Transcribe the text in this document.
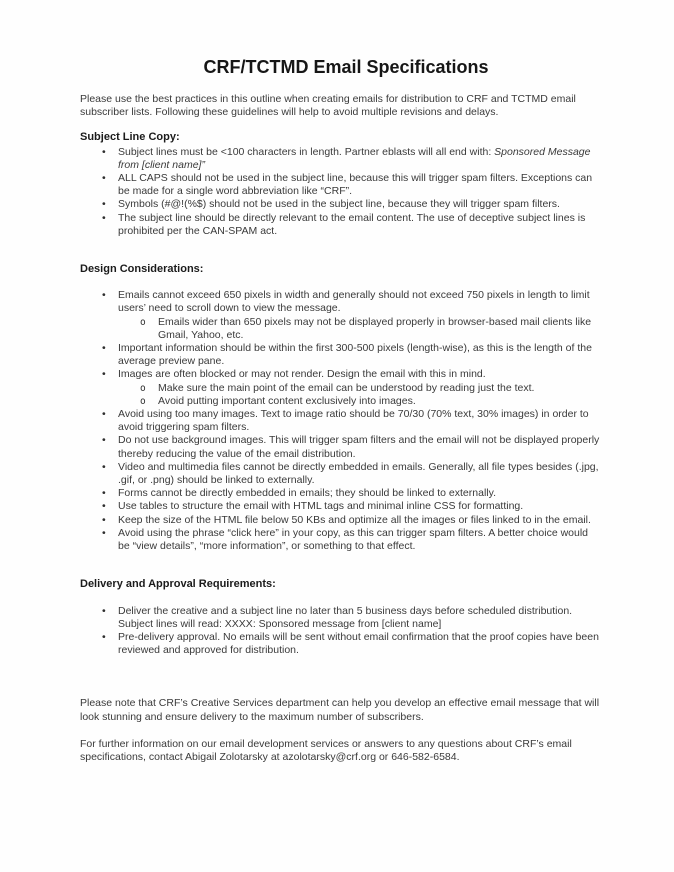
CRF/TCTMD Email Specifications

Please use the best practices in this outline when creating emails for distribution to CRF and TCTMD email subscriber lists. Following these guidelines will help to avoid multiple revisions and delays.

Subject Line Copy:
•	Subject lines must be <100 characters in length. Partner eblasts will all end with: Sponsored Message from [client name]”
•	ALL CAPS should not be used in the subject line, because this will trigger spam filters. Exceptions can be made for a single word abbreviation like “CRF”.
•	Symbols (#@!(%$) should not be used in the subject line, because they will trigger spam filters.
•	The subject line should be directly relevant to the email content. The use of deceptive subject lines is prohibited per the CAN-SPAM act.
Design Considerations:
•	Emails cannot exceed 650 pixels in width and generally should not exceed 750 pixels in length to limit users’ need to scroll down to view the message.
o	Emails wider than 650 pixels may not be displayed properly in browser-based mail clients like Gmail, Yahoo, etc.
•	Important information should be within the first 300-500 pixels (length-wise), as this is the length of the average preview pane.
•	Images are often blocked or may not render. Design the email with this in mind.
o	Make sure the main point of the email can be understood by reading just the text.
o	Avoid putting important content exclusively into images.
•	Avoid using too many images. Text to image ratio should be 70/30 (70% text, 30% images) in order to avoid triggering spam filters.
•	Do not use background images. This will trigger spam filters and the email will not be displayed properly thereby reducing the value of the email distribution.
•	Video and multimedia files cannot be directly embedded in emails. Generally, all file types besides (.jpg, .gif, or .png) should be linked to externally.
•	Forms cannot be directly embedded in emails; they should be linked to externally.
•	Use tables to structure the email with HTML tags and minimal inline CSS for formatting.
•	Keep the size of the HTML file below 50 KBs and optimize all the images or files linked to in the email.
•	Avoid using the phrase “click here” in your copy, as this can trigger spam filters. A better choice would be “view details”, “more information”, or something to that effect.
Delivery and Approval Requirements:
•	Deliver the creative and a subject line no later than 5 business days before scheduled distribution. Subject lines will read: XXXX: Sponsored message from [client name]
•	Pre-delivery approval. No emails will be sent without email confirmation that the proof copies have been reviewed and approved for distribution.

Please note that CRF’s Creative Services department can help you develop an effective email message that will look stunning and ensure delivery to the maximum number of subscribers.

For further information on our email development services or answers to any questions about CRF’s email specifications, contact Abigail Zolotarsky at azolotarsky@crf.org or 646-582-6584.
